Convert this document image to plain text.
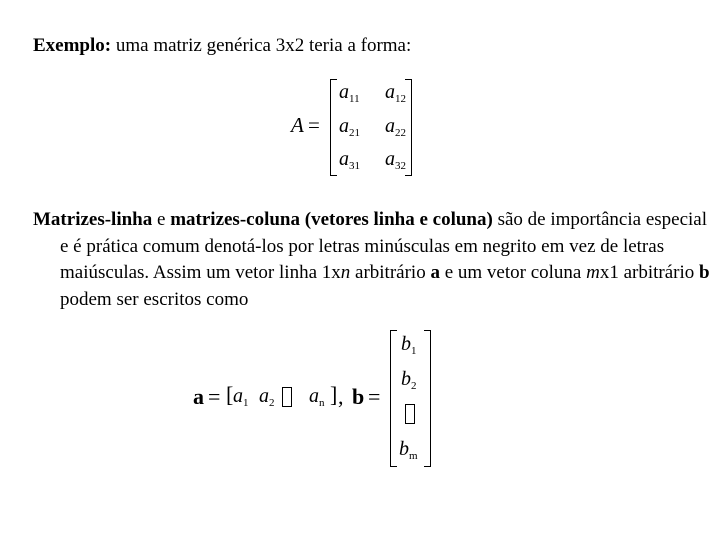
Exemplo: uma matriz genérica 3x2 teria a forma:
A =
$a_{11}$ $a_{12}$
$a_{21}$ $a_{22}$
$a_{31}$ $a_{32}$
Matrizes-linha e matrizes-coluna (vetores linha e coluna) são de importância especial e é prática comum denotá-los por letras minúsculas em negrito em vez de letras maiúsculas. Assim um vetor linha 1xn arbitrário a e um vetor coluna mx1 arbitrário b podem ser escritos como
a = [ $a_1$ $a_2$ $a_n$ ] , b =
$b_1$
$b_2$
$b_m$
